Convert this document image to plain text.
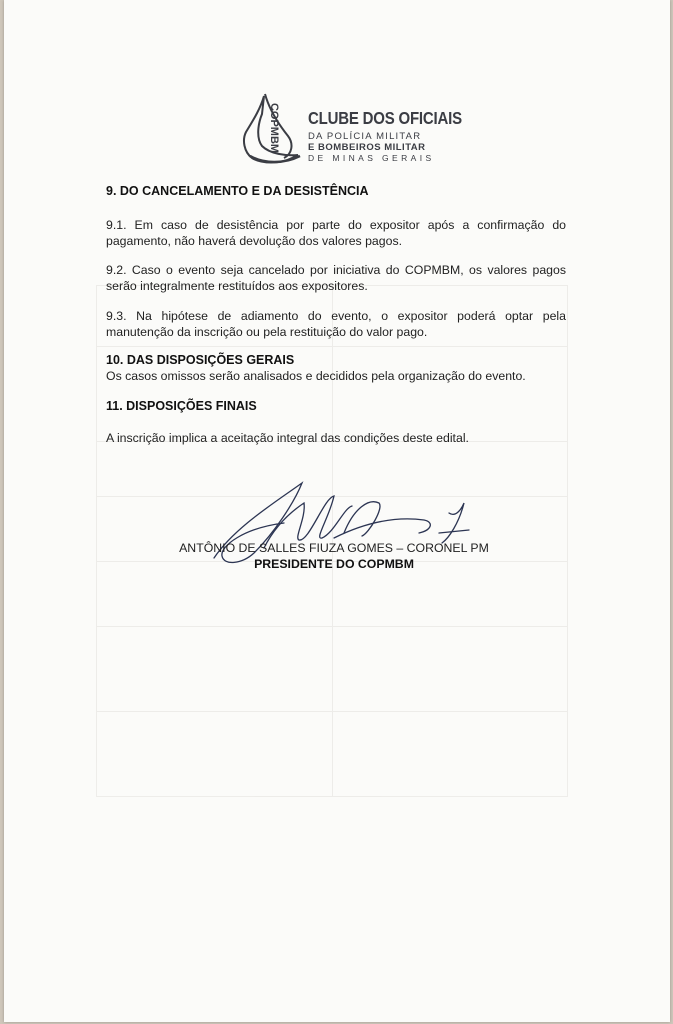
COPMBM CLUBE DOS OFICIAIS
DA POLÍCIA MILITAR
E BOMBEIROS MILITAR
DE MINAS GERAIS
9. DO CANCELAMENTO E DA DESISTÊNCIA
9.1. Em caso de desistência por parte do expositor após a confirmação do pagamento, não haverá devolução dos valores pagos.
9.2. Caso o evento seja cancelado por iniciativa do COPMBM, os valores pagos serão integralmente restituídos aos expositores.
9.3. Na hipótese de adiamento do evento, o expositor poderá optar pela manutenção da inscrição ou pela restituição do valor pago.
10. DAS DISPOSIÇÕES GERAIS
Os casos omissos serão analisados e decididos pela organização do evento.
11. DISPOSIÇÕES FINAIS
A inscrição implica a aceitação integral das condições deste edital.
ANTÔNIO DE SALLES FIUZA GOMES – CORONEL PM
PRESIDENTE DO COPMBM
